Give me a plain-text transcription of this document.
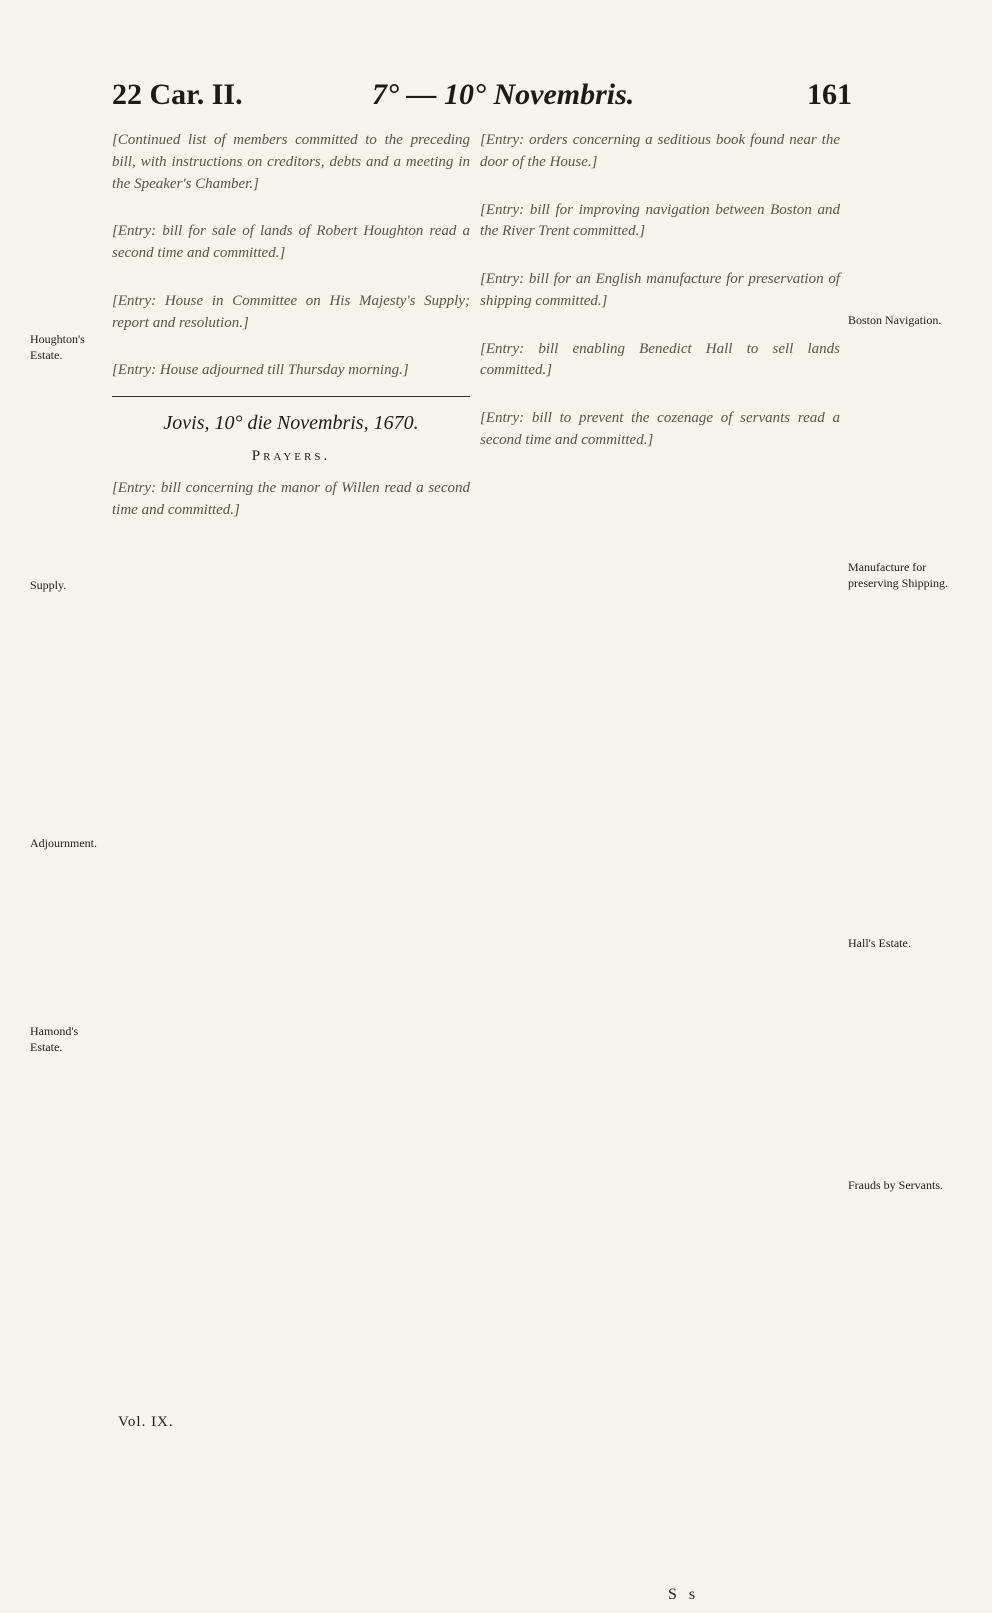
22 Car. II.	7° — 10° Novembris.	161

[Continued list of members committed to the preceding bill, with instructions on creditors, debts and a meeting in the Speaker's Chamber.]

[Entry: bill for sale of lands of Robert Houghton read a second time and committed.]

[Entry: House in Committee on His Majesty's Supply; report and resolution.]

[Entry: House adjourned till Thursday morning.]

Jovis, 10° die Novembris, 1670.
Prayers.

[Entry: bill concerning the manor of Willen read a second time and committed.]

[Entry: orders concerning a seditious book found near the door of the House.]

[Entry: bill for improving navigation between Boston and the River Trent committed.]

[Entry: bill for an English manufacture for preservation of shipping committed.]

[Entry: bill enabling Benedict Hall to sell lands committed.]

[Entry: bill to prevent the cozenage of servants read a second time and committed.]

Houghton's Estate.
Supply.
Adjournment.
Hamond's Estate.
Boston Navigation.
Manufacture for preserving Shipping.
Hall's Estate.
Frauds by Servants.
Vol. IX.
S s
